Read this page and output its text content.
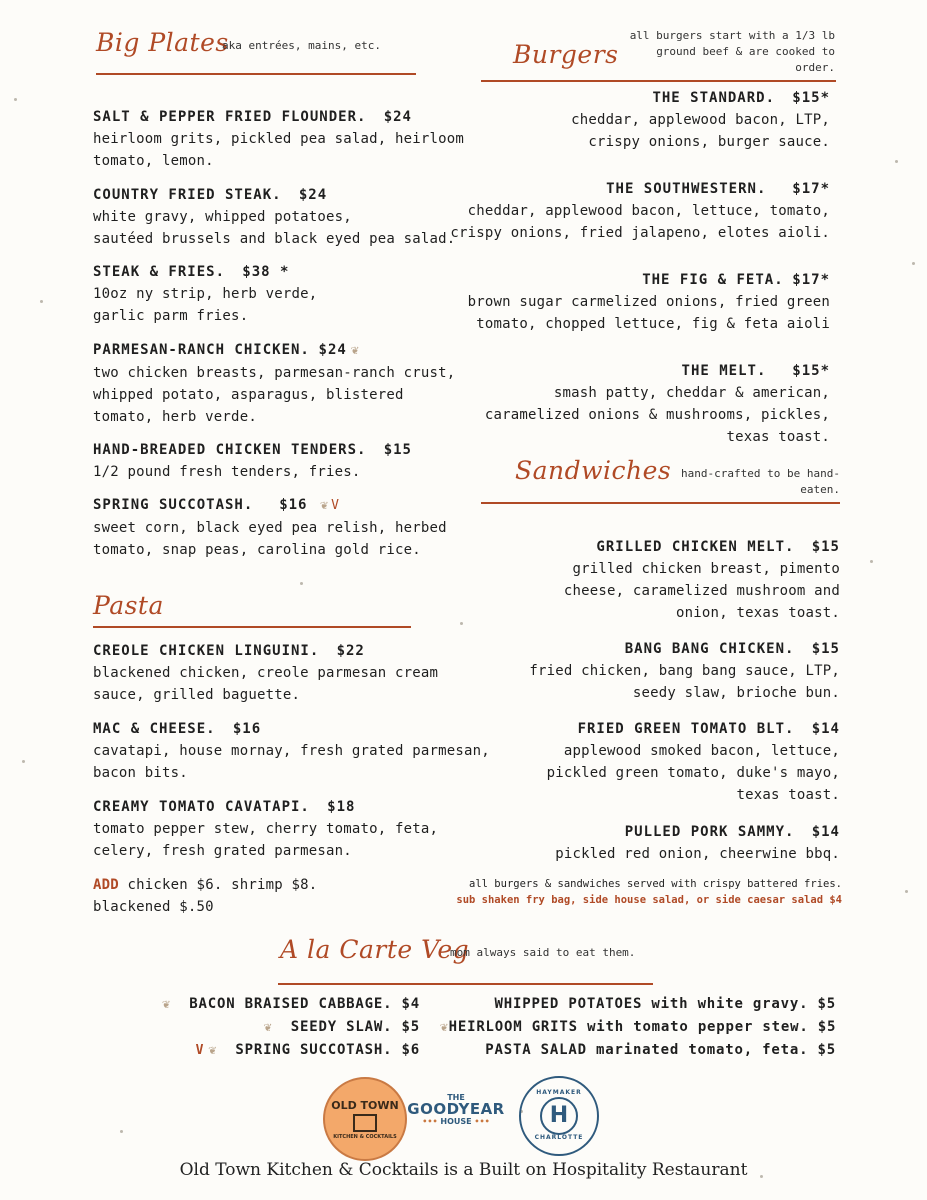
Big Plates
aka entrées, mains, etc.
SALT & PEPPER FRIED FLOUNDER. $24
heirloom grits, pickled pea salad, heirloom
tomato, lemon.
COUNTRY FRIED STEAK. $24
white gravy, whipped potatoes,
sautéed brussels and black eyed pea salad.
STEAK & FRIES. $38 *
10oz ny strip, herb verde,
garlic parm fries.
PARMESAN-RANCH CHICKEN. $24 ❦
two chicken breasts, parmesan-ranch crust,
whipped potato, asparagus, blistered
tomato, herb verde.
HAND-BREADED CHICKEN TENDERS. $15
1/2 pound fresh tenders, fries.
SPRING SUCCOTASH. $16 ❦ V
sweet corn, black eyed pea relish, herbed
tomato, snap peas, carolina gold rice.
Pasta
CREOLE CHICKEN LINGUINI. $22
blackened chicken, creole parmesan cream
sauce, grilled baguette.
MAC & CHEESE. $16
cavatapi, house mornay, fresh grated parmesan,
bacon bits.
CREAMY TOMATO CAVATAPI. $18
tomato pepper stew, cherry tomato, feta,
celery, fresh grated parmesan.
ADD chicken $6. shrimp $8.
blackened $.50
Burgers
all burgers start with a 1/3 lb
ground beef & are cooked to
order.
THE STANDARD. $15*
cheddar, applewood bacon, LTP,
crispy onions, burger sauce.
THE SOUTHWESTERN. $17*
cheddar, applewood bacon, lettuce, tomato,
crispy onions, fried jalapeno, elotes aioli.
THE FIG & FETA. $17*
brown sugar carmelized onions, fried green
tomato, chopped lettuce, fig & feta aioli
THE MELT. $15*
smash patty, cheddar & american,
caramelized onions & mushrooms, pickles,
texas toast.
Sandwiches hand-crafted to be hand-
eaten.
GRILLED CHICKEN MELT. $15
grilled chicken breast, pimento
cheese, caramelized mushroom and
onion, texas toast.
BANG BANG CHICKEN. $15
fried chicken, bang bang sauce, LTP,
seedy slaw, brioche bun.
FRIED GREEN TOMATO BLT. $14
applewood smoked bacon, lettuce,
pickled green tomato, duke's mayo,
texas toast.
PULLED PORK SAMMY. $14
pickled red onion, cheerwine bbq.
all burgers & sandwiches served with crispy battered fries.
sub shaken fry bag, side house salad, or side caesar salad $4
A la Carte Veg
mom always said to eat them.
❦ BACON BRAISED CABBAGE. $4
❦ SEEDY SLAW. $5
V ❦ SPRING SUCCOTASH. $6
WHIPPED POTATOES with white gravy. $5
❦HEIRLOOM GRITS with tomato pepper stew. $5
PASTA SALAD marinated tomato, feta. $5
OLD TOWN
KITCHEN & COCKTAILS
THE
GOODYEAR
••• HOUSE •••
HAYMAKER
H
CHARLOTTE
Old Town Kitchen & Cocktails is a Built on Hospitality Restaurant
